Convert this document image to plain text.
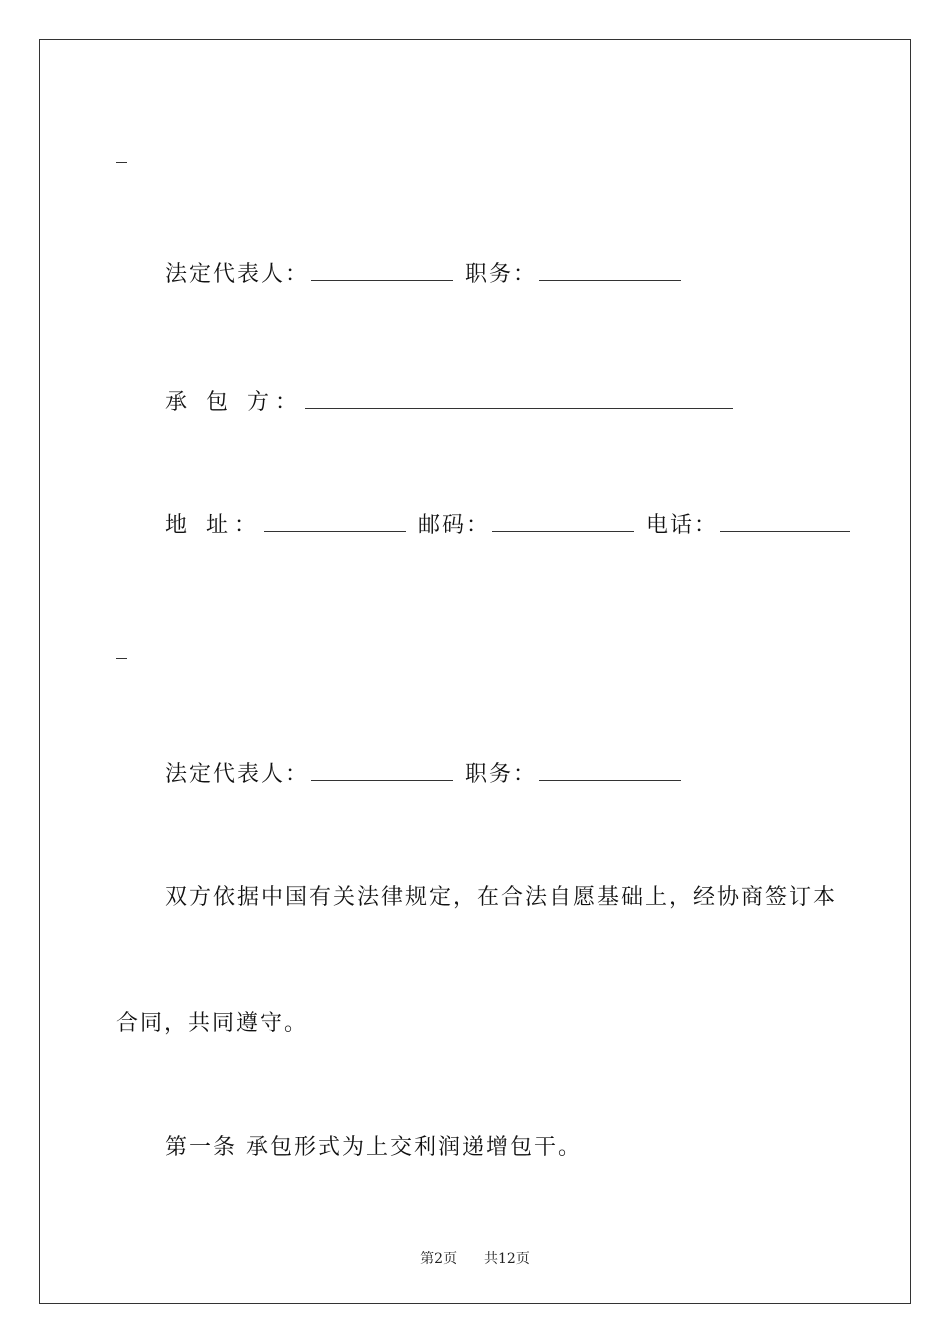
法定代表人：	职务：
承 包 方：
地 址：	邮码：	电话：
法定代表人：	职务：
双方依据中国有关法律规定，在合法自愿基础上，经协商签订本
合同，共同遵守。
第一条 承包形式为上交利润递增包干。
第2页 共12页
